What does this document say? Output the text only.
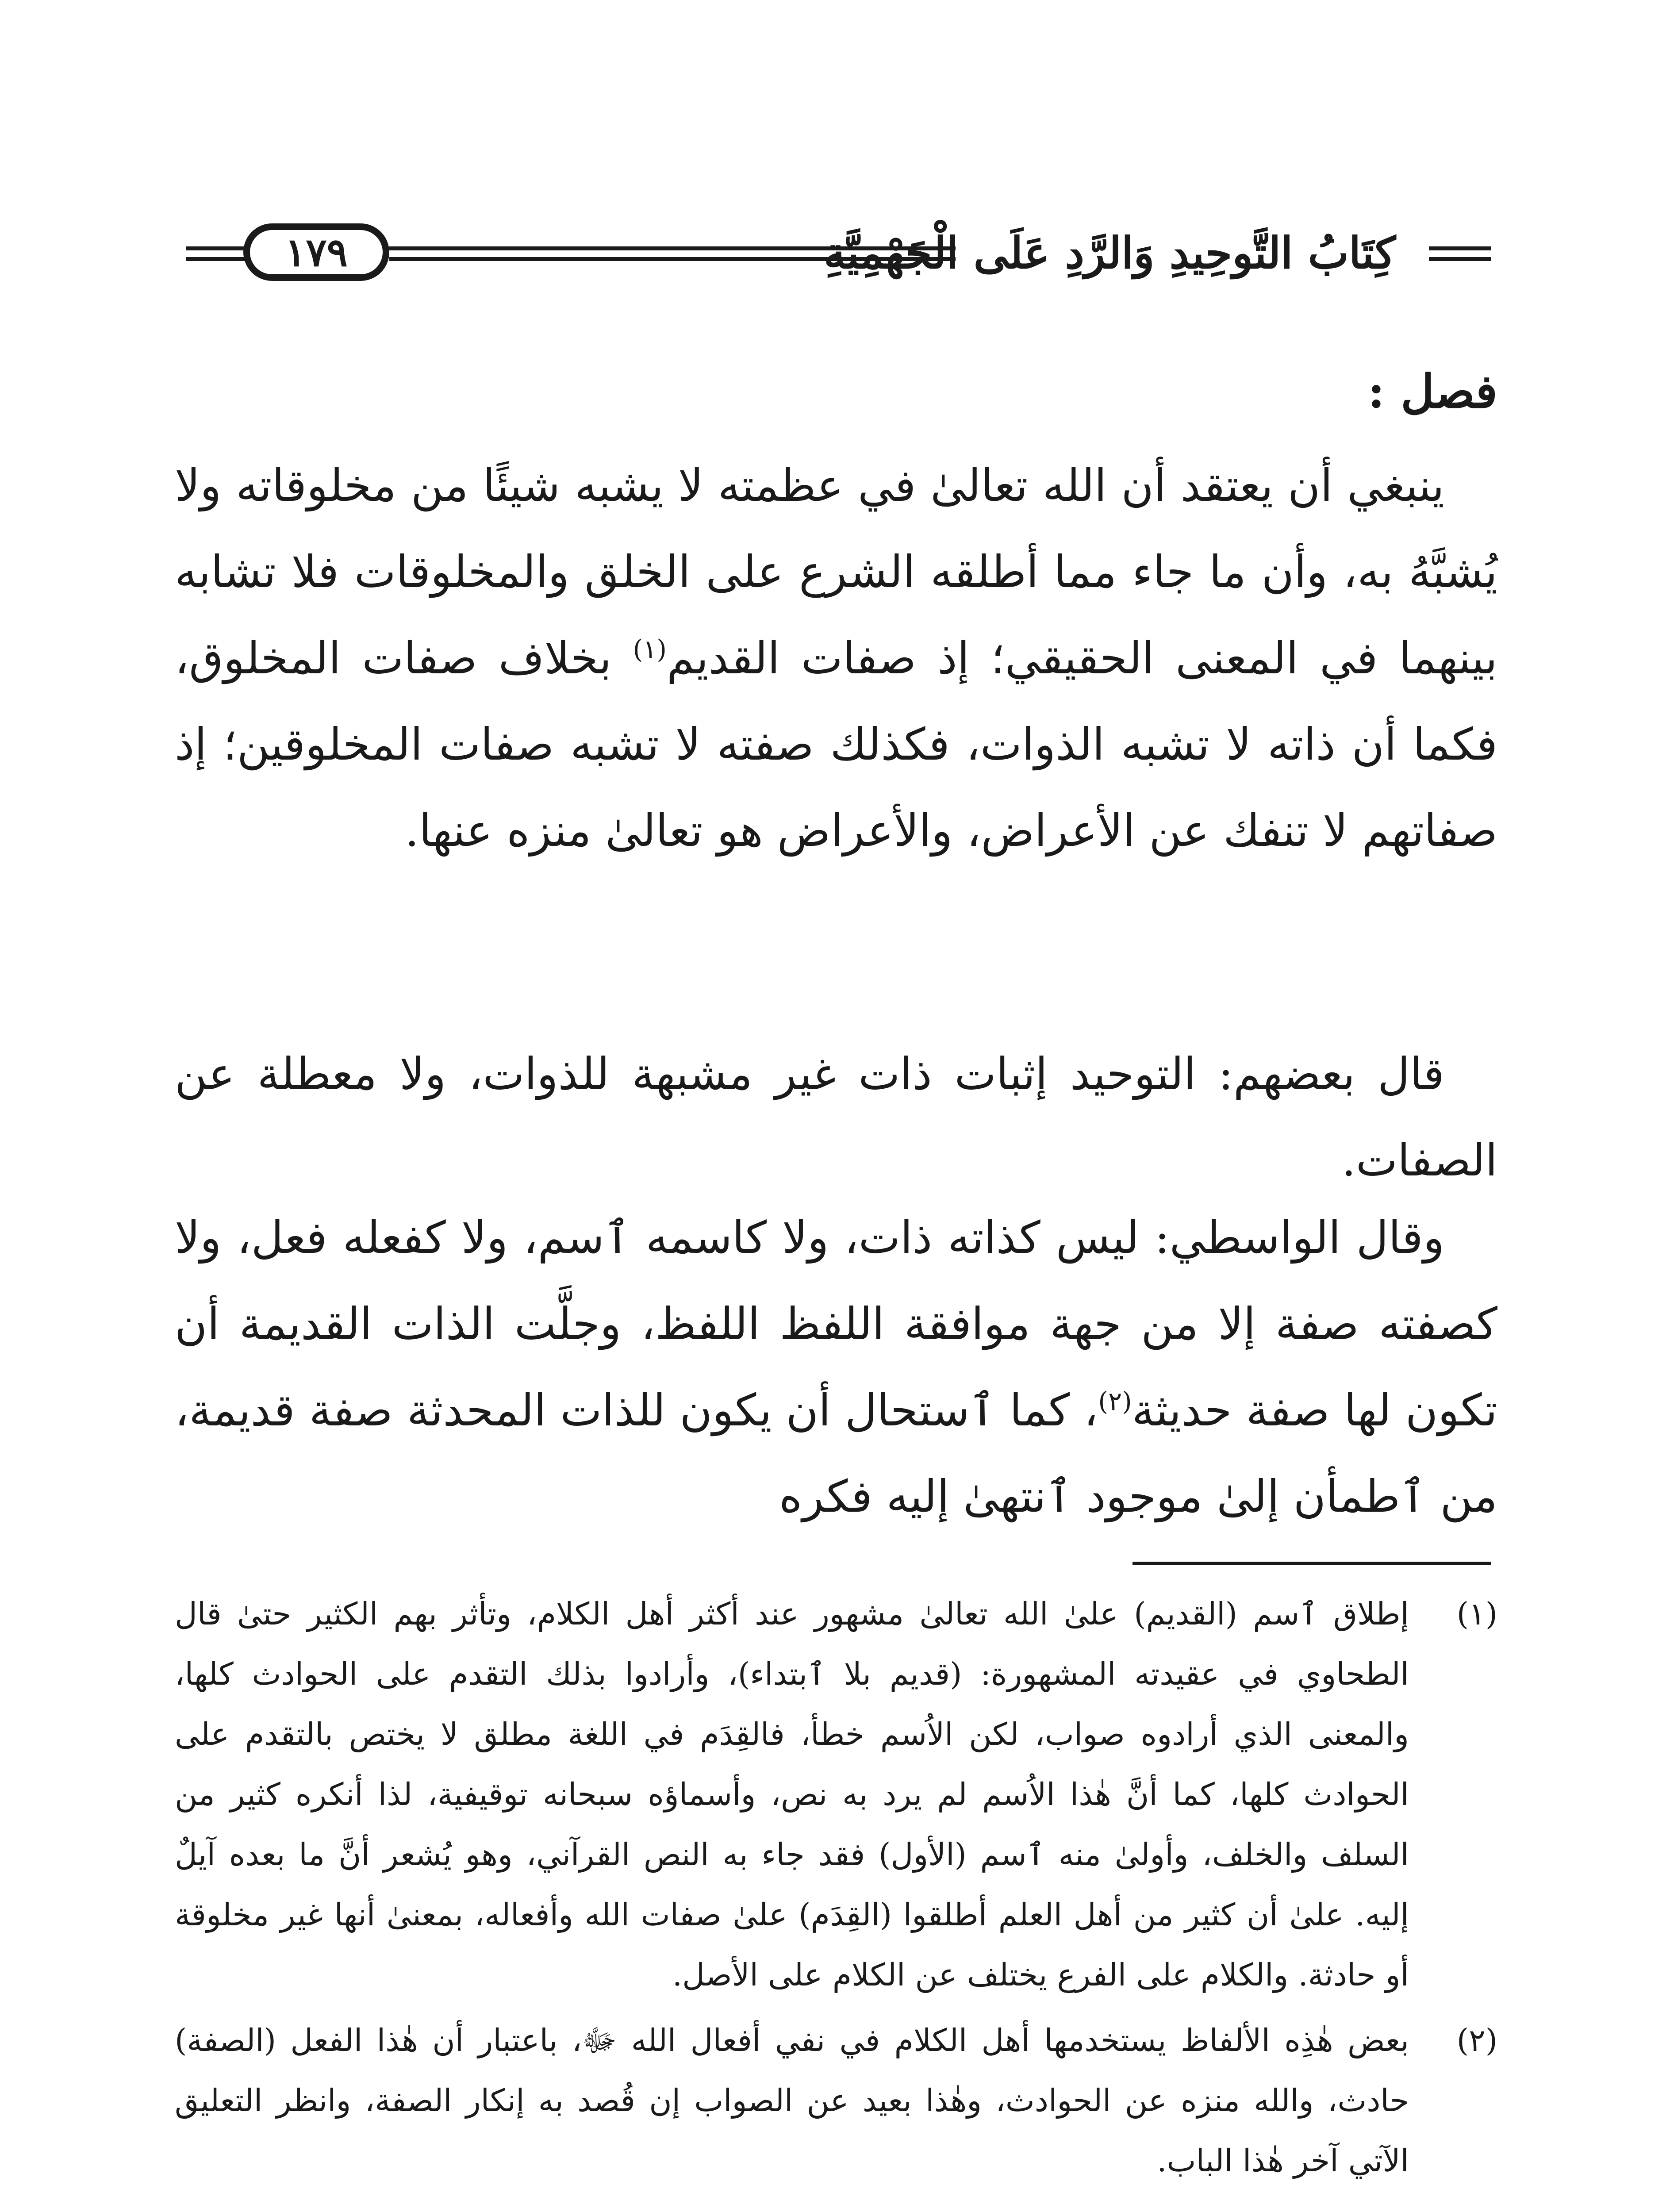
كِتَابُ التَّوحِيدِ وَالرَّدِ عَلَى الْجَهْمِيَّةِ
١٧٩
فصل :

ينبغي أن يعتقد أن الله تعالىٰ في عظمته لا يشبه شيئًا من مخلوقاته ولا يُشبَّهُ به، وأن ما جاء مما أطلقه الشرع على الخلق والمخلوقات فلا تشابه بينهما في المعنى الحقيقي؛ إذ صفات القديم$^{(١)}$ بخلاف صفات المخلوق، فكما أن ذاته لا تشبه الذوات، فكذلك صفته لا تشبه صفات المخلوقين؛ إذ صفاتهم لا تنفك عن الأعراض، والأعراض هو تعالىٰ منزه عنها.

قال بعضهم: التوحيد إثبات ذات غير مشبهة للذوات، ولا معطلة عن الصفات.

وقال الواسطي: ليس كذاته ذات، ولا كاسمه ٱسم، ولا كفعله فعل، ولا كصفته صفة إلا من جهة موافقة اللفظ اللفظ، وجلَّت الذات القديمة أن تكون لها صفة حديثة$^{(٢)}$، كما ٱستحال أن يكون للذات المحدثة صفة قديمة، من ٱطمأن إلىٰ موجود ٱنتهىٰ إليه فكره

(١)
إطلاق ٱسم (القديم) علىٰ الله تعالىٰ مشهور عند أكثر أهل الكلام، وتأثر بهم الكثير حتىٰ قال الطحاوي في عقيدته المشهورة: (قديم بلا ٱبتداء)، وأرادوا بذلك التقدم على الحوادث كلها، والمعنى الذي أرادوه صواب، لكن الاُسم خطأ، فالقِدَم في اللغة مطلق لا يختص بالتقدم على الحوادث كلها، كما أنَّ هٰذا الاُسم لم يرد به نص، وأسماؤه سبحانه توقيفية، لذا أنكره كثير من السلف والخلف، وأولىٰ منه ٱسم (الأول) فقد جاء به النص القرآني، وهو يُشعر أنَّ ما بعده آيلٌ إليه. علىٰ أن كثير من أهل العلم أطلقوا (القِدَم) علىٰ صفات الله وأفعاله، بمعنىٰ أنها غير مخلوقة أو حادثة. والكلام على الفرع يختلف عن الكلام على الأصل.

(٢)
بعض هٰذِه الألفاظ يستخدمها أهل الكلام في نفي أفعال الله ﷻ، باعتبار أن هٰذا الفعل (الصفة) حادث، والله منزه عن الحوادث، وهٰذا بعيد عن الصواب إن قُصد به إنكار الصفة، وانظر التعليق الآتي آخر هٰذا الباب.
